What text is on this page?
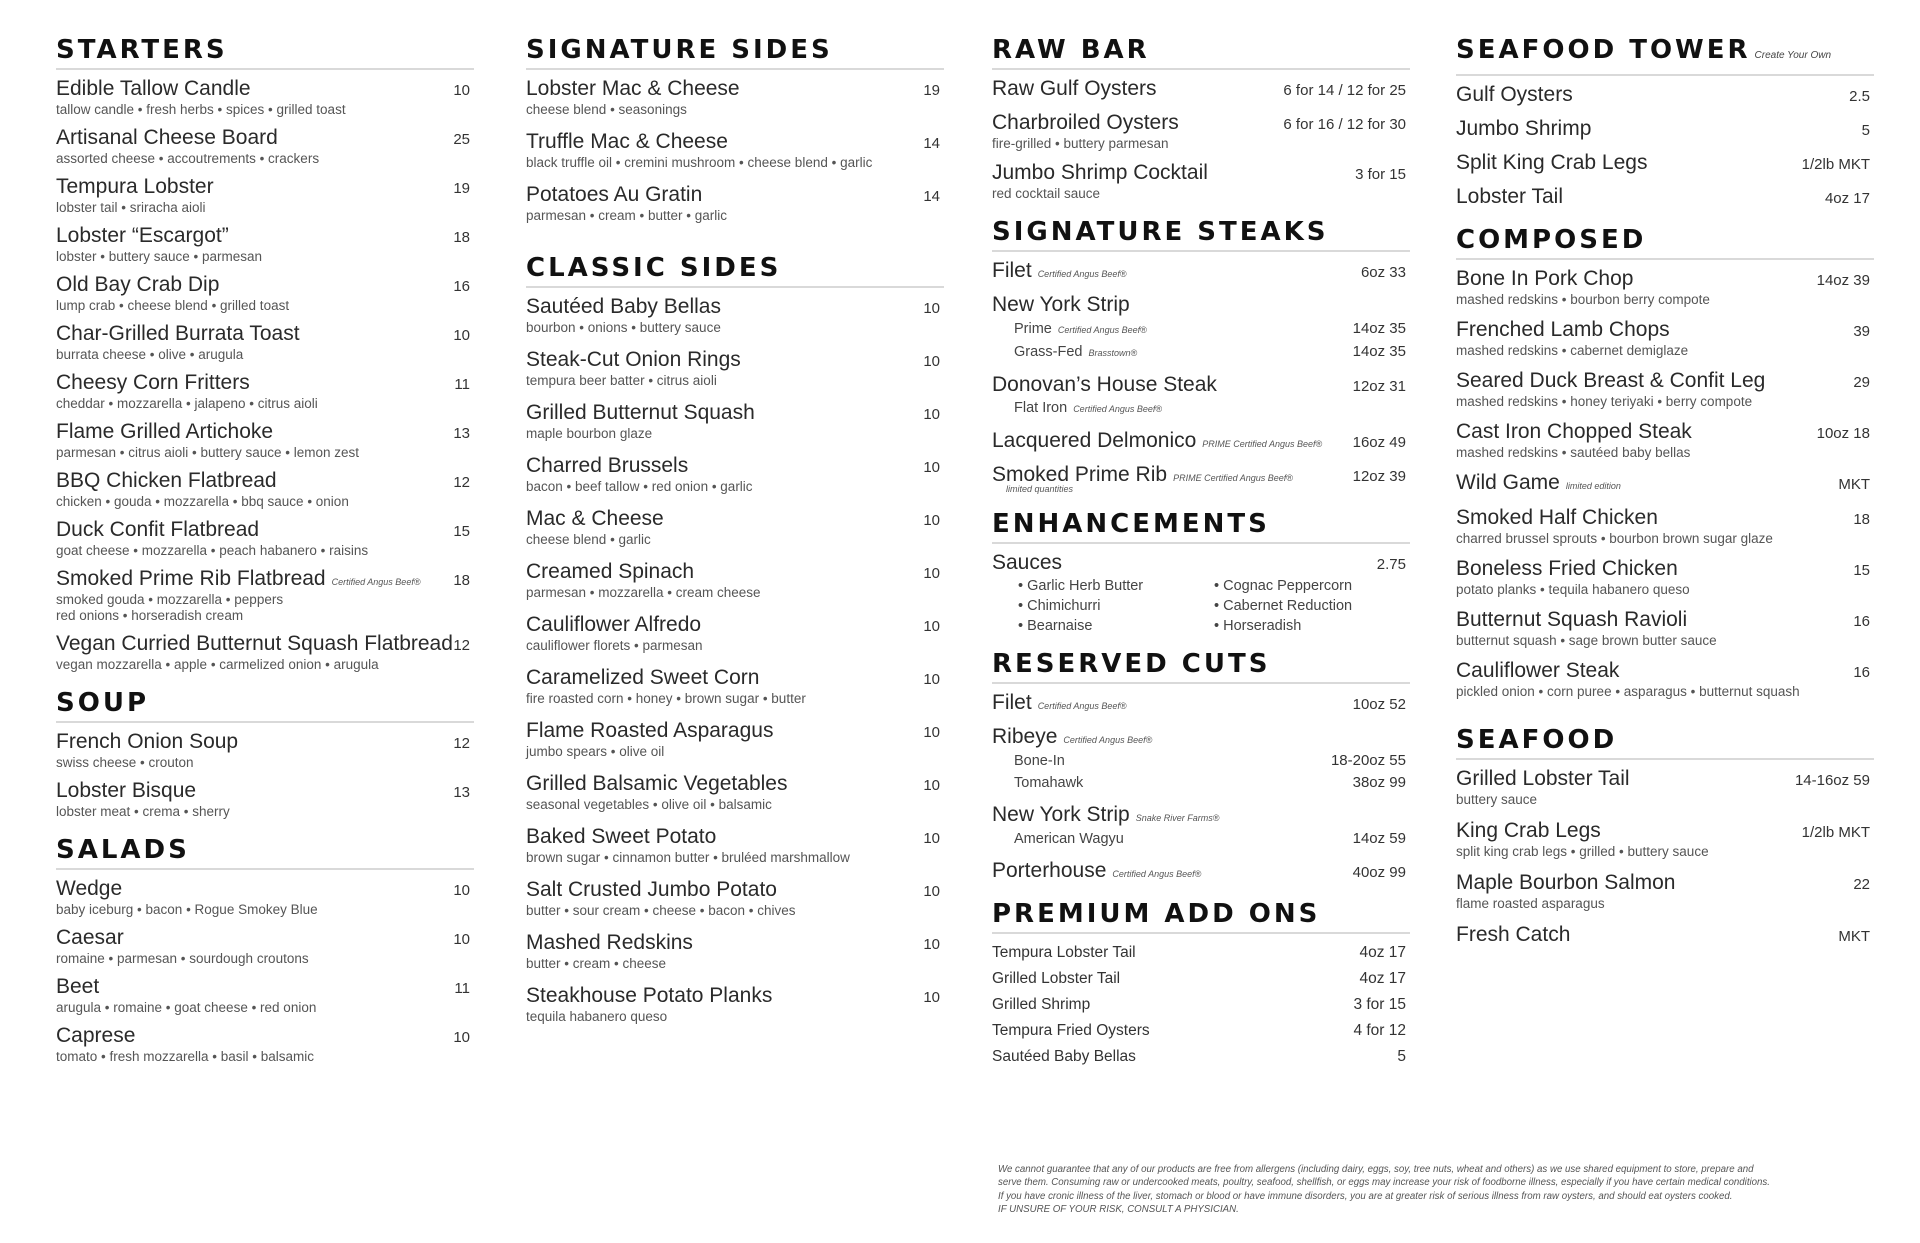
STARTERS
Edible Tallow Candle	10
tallow candle • fresh herbs • spices • grilled toast
Artisanal Cheese Board	25
assorted cheese • accoutrements • crackers
Tempura Lobster	19
lobster tail • sriracha aioli
Lobster “Escargot”	18
lobster • buttery sauce • parmesan
Old Bay Crab Dip	16
lump crab • cheese blend • grilled toast
Char-Grilled Burrata Toast	10
burrata cheese • olive • arugula
Cheesy Corn Fritters	11
cheddar • mozzarella • jalapeno • citrus aioli
Flame Grilled Artichoke	13
parmesan • citrus aioli • buttery sauce • lemon zest
BBQ Chicken Flatbread	12
chicken • gouda • mozzarella • bbq sauce • onion
Duck Confit Flatbread	15
goat cheese • mozzarella • peach habanero • raisins
Smoked Prime Rib Flatbread Certified Angus Beef® 18
smoked gouda • mozzarella • peppers
red onions • horseradish cream
Vegan Curried Butternut Squash Flatbread 12
vegan mozzarella • apple • carmelized onion • arugula
SOUP
French Onion Soup	12
swiss cheese • crouton
Lobster Bisque	13
lobster meat • crema • sherry
SALADS
Wedge	10
baby iceburg • bacon • Rogue Smokey Blue
Caesar	10
romaine • parmesan • sourdough croutons
Beet	11
arugula • romaine • goat cheese • red onion
Caprese	10
tomato • fresh mozzarella • basil • balsamic
SIGNATURE SIDES
Lobster Mac & Cheese	19
cheese blend • seasonings
Truffle Mac & Cheese	14
black truffle oil • cremini mushroom • cheese blend • garlic
Potatoes Au Gratin	14
parmesan • cream • butter • garlic
CLASSIC SIDES
Sautéed Baby Bellas	10
bourbon • onions • buttery sauce
Steak-Cut Onion Rings	10
tempura beer batter • citrus aioli
Grilled Butternut Squash	10
maple bourbon glaze
Charred Brussels	10
bacon • beef tallow • red onion • garlic
Mac & Cheese	10
cheese blend • garlic
Creamed Spinach	10
parmesan • mozzarella • cream cheese
Cauliflower Alfredo	10
cauliflower florets • parmesan
Caramelized Sweet Corn	10
fire roasted corn • honey • brown sugar • butter
Flame Roasted Asparagus	10
jumbo spears • olive oil
Grilled Balsamic Vegetables	10
seasonal vegetables • olive oil • balsamic
Baked Sweet Potato	10
brown sugar • cinnamon butter • bruléed marshmallow
Salt Crusted Jumbo Potato	10
butter • sour cream • cheese • bacon • chives
Mashed Redskins	10
butter • cream • cheese
Steakhouse Potato Planks	10
tequila habanero queso
RAW BAR
Raw Gulf Oysters	6 for 14 / 12 for 25
Charbroiled Oysters	6 for 16 / 12 for 30
fire-grilled • buttery parmesan
Jumbo Shrimp Cocktail	3 for 15
red cocktail sauce
SIGNATURE STEAKS
Filet Certified Angus Beef®	6oz 33
New York Strip
Prime Certified Angus Beef®	14oz 35
Grass-Fed Brasstown®	14oz 35
Donovan’s House Steak	12oz 31
Flat Iron Certified Angus Beef®
Lacquered Delmonico PRIME Certified Angus Beef® 16oz 49
Smoked Prime Rib PRIME Certified Angus Beef®	12oz 39
limited quantities
ENHANCEMENTS
Sauces	2.75
• Garlic Herb Butter	• Cognac Peppercorn
• Chimichurri	• Cabernet Reduction
• Bearnaise	• Horseradish
RESERVED CUTS
Filet Certified Angus Beef®	10oz 52
Ribeye Certified Angus Beef®
Bone-In	18-20oz 55
Tomahawk	38oz 99
New York Strip Snake River Farms®
American Wagyu	14oz 59
Porterhouse Certified Angus Beef®	40oz 99
PREMIUM ADD ONS
Tempura Lobster Tail	4oz 17
Grilled Lobster Tail	4oz 17
Grilled Shrimp	3 for 15
Tempura Fried Oysters	4 for 12
Sautéed Baby Bellas	5
SEAFOOD TOWER Create Your Own
Gulf Oysters	2.5
Jumbo Shrimp	5
Split King Crab Legs	1/2lb MKT
Lobster Tail	4oz 17
COMPOSED
Bone In Pork Chop	14oz 39
mashed redskins • bourbon berry compote
Frenched Lamb Chops	39
mashed redskins • cabernet demiglaze
Seared Duck Breast & Confit Leg	29
mashed redskins • honey teriyaki • berry compote
Cast Iron Chopped Steak	10oz 18
mashed redskins • sautéed baby bellas
Wild Game limited edition	MKT
Smoked Half Chicken	18
charred brussel sprouts • bourbon brown sugar glaze
Boneless Fried Chicken	15
potato planks • tequila habanero queso
Butternut Squash Ravioli	16
butternut squash • sage brown butter sauce
Cauliflower Steak	16
pickled onion • corn puree • asparagus • butternut squash
SEAFOOD
Grilled Lobster Tail	14-16oz 59
buttery sauce
King Crab Legs	1/2lb MKT
split king crab legs • grilled • buttery sauce
Maple Bourbon Salmon	22
flame roasted asparagus
Fresh Catch	MKT
We cannot guarantee that any of our products are free from allergens (including dairy, eggs, soy, tree nuts, wheat and others) as we use shared equipment to store, prepare and
serve them. Consuming raw or undercooked meats, poultry, seafood, shellfish, or eggs may increase your risk of foodborne illness, especially if you have certain medical conditions.
If you have cronic illness of the liver, stomach or blood or have immune disorders, you are at greater risk of serious illness from raw oysters, and should eat oysters cooked.
IF UNSURE OF YOUR RISK, CONSULT A PHYSICIAN.
